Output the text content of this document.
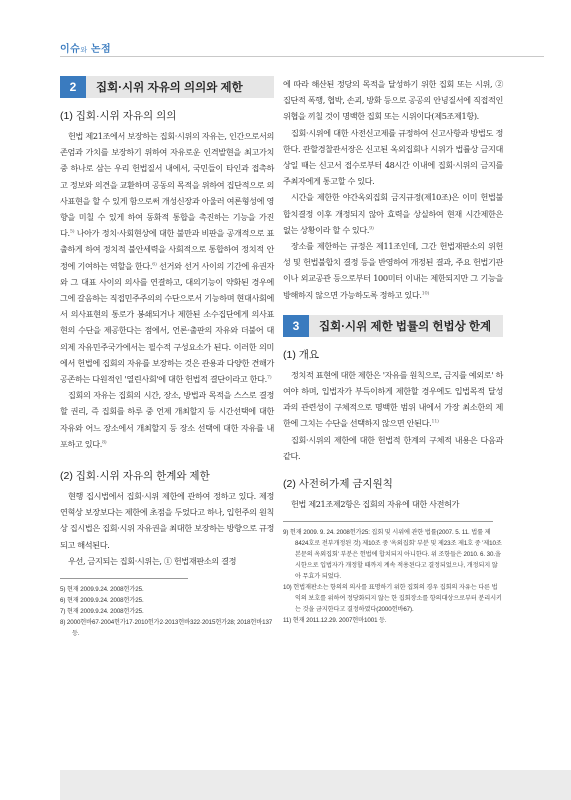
이슈와 논점
2	집회·시위 자유의 의의와 제한
(1) 집회·시위 자유의 의의

헌법 제21조에서 보장하는 집회·시위의 자유는, 인간으로서의 존엄과 가치를 보장하기 위하여 자유로운 인격발현을 최고가치 중 하나로 삼는 우리 헌법질서 내에서, 국민들이 타인과 접촉하고 정보와 의견을 교환하며 공동의 목적을 위하여 집단적으로 의사표현을 할 수 있게 함으로써 개성신장과 아울러 여론형성에 영향을 미칠 수 있게 하여 동화적 통합을 촉진하는 기능을 가진다.$^{5)}$ 나아가 정치·사회현상에 대한 불만과 비판을 공개적으로 표출하게 하여 정치적 불안세력을 사회적으로 통합하여 정치적 안정에 기여하는 역할을 한다.$^{6)}$ 선거와 선거 사이의 기간에 유권자와 그 대표 사이의 의사를 연결하고, 대의기능이 약화된 경우에 그에 갈음하는 직접민주주의의 수단으로서 기능하며 현대사회에서 의사표현의 통로가 봉쇄되거나 제한된 소수집단에게 의사표현의 수단을 제공한다는 점에서, 언론·출판의 자유와 더불어 대의제 자유민주국가에서는 필수적 구성요소가 된다. 이러한 의미에서 헌법에 집회의 자유를 보장하는 것은 관용과 다양한 견해가 공존하는 다원적인 '열린사회'에 대한 헌법적 결단이라고 한다.$^{7)}$

집회의 자유는 집회의 시간, 장소, 방법과 목적을 스스로 결정할 권리, 즉 집회를 하루 중 언제 개최할지 등 시간선택에 대한 자유와 어느 장소에서 개최할지 등 장소 선택에 대한 자유를 내포하고 있다.$^{8)}$

(2) 집회·시위 자유의 한계와 제한

현행 집시법에서 집회·시위 제한에 관하여 정하고 있다. 제정 연혁상 보장보다는 제한에 초점을 두었다고 하나, 입헌주의 원칙상 집시법은 집회·시위 자유권을 최대한 보장하는 방향으로 규정되고 해석된다.

우선, 금지되는 집회·시위는, ① 헌법재판소의 결정

5) 현재 2009.9.24. 2008헌가25.
6) 현재 2009.9.24. 2008헌가25.
7) 현재 2009.9.24. 2008헌가25.
8) 2000헌바67·2004헌가17·2010헌가2·2013헌바322·2015헌가28; 2018헌바137 등.

에 따라 해산된 정당의 목적을 달성하기 위한 집회 또는 시위, ② 집단적 폭행, 협박, 손괴, 방화 등으로 공공의 안녕질서에 직접적인 위협을 끼칠 것이 명백한 집회 또는 시위이다(제5조제1항).

집회·시위에 대한 사전신고제를 규정하여 신고사항과 방법도 정한다. 관할경찰관서장은 신고된 옥외집회나 시위가 법률상 금지대상일 때는 신고서 접수로부터 48시간 이내에 집회·시위의 금지를 주최자에게 통고할 수 있다.

시간을 제한한 야간옥외집회 금지규정(제10조)은 이미 헌법불합치결정 이후 개정되지 않아 효력을 상실하여 현재 시간제한은 없는 상황이라 할 수 있다.$^{9)}$

장소를 제한하는 규정은 제11조인데, 그간 헌법재판소의 위헌성 및 헌법불합치 결정 등을 반영하여 개정된 결과, 주요 헌법기관이나 외교공관 등으로부터 100미터 이내는 제한되지만 그 기능을 방해하지 않으면 가능하도록 정하고 있다.$^{10)}$

3	집회·시위 제한 법률의 헌법상 한계
(1) 개요

정치적 표현에 대한 제한은 '자유를 원칙으로, 금지를 예외로' 하여야 하며, 입법자가 부득이하게 제한할 경우에도 입법목적 달성과의 관련성이 구체적으로 명백한 범위 내에서 가장 최소한의 제한에 그치는 수단을 선택하지 않으면 안된다.$^{11)}$

집회·시위의 제한에 대한 헌법적 한계의 구체적 내용은 다음과 같다.

(2) 사전허가제 금지원칙

헌법 제21조제2항은 집회의 자유에 대한 사전허가

9) 헌재 2009. 9. 24. 2008헌가25: 집회 및 시위에 관한 법률(2007. 5. 11. 법률 제8424호로 전부개정된 것) 제10조 중 '옥외집회' 부분 및 제23조 제1호 중 '제10조 본문의 옥외집회' 부분은 헌법에 합치되지 아니한다. 위 조항들은 2010. 6. 30.을 시한으로 입법자가 개정할 때까지 계속 적용된다고 결정되었으나, 개정되지 않아 무효가 되었다.
10) 헌법재판소는 항의의 의사를 표명하기 위한 집회의 경우 집회의 자유는 다른 법익의 보호를 위하여 정당화되지 않는 한 집회장소를 항의대상으로부터 분리시키는 것을 금지한다고 결정하였다(2000헌바67).
11) 현재 2011.12.29. 2007헌마1001 등.
